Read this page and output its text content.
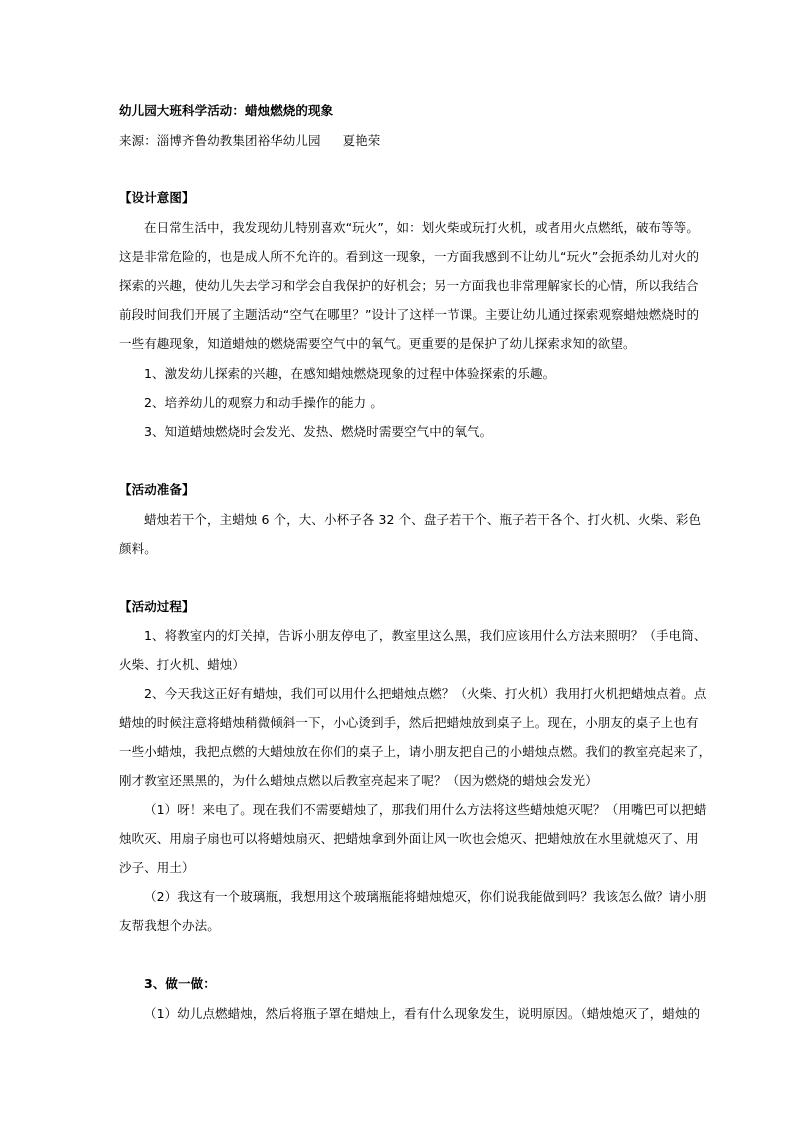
幼儿园大班科学活动：蜡烛燃烧的现象
来源：淄博齐鲁幼教集团裕华幼儿园 夏艳荣
【设计意图】
在日常生活中，我发现幼儿特别喜欢“玩火”，如：划火柴或玩打火机，或者用火点燃纸，破布等等。
这是非常危险的，也是成人所不允许的。看到这一现象，一方面我感到不让幼儿“玩火”会扼杀幼儿对火的
探索的兴趣，使幼儿失去学习和学会自我保护的好机会；另一方面我也非常理解家长的心情，所以我结合
前段时间我们开展了主题活动“空气在哪里？”设计了这样一节课。主要让幼儿通过探索观察蜡烛燃烧时的
一些有趣现象，知道蜡烛的燃烧需要空气中的氧气。更重要的是保护了幼儿探索求知的欲望。
1、激发幼儿探索的兴趣，在感知蜡烛燃烧现象的过程中体验探索的乐趣。
2、培养幼儿的观察力和动手操作的能力 。
3、知道蜡烛燃烧时会发光、发热、燃烧时需要空气中的氧气。
【活动准备】
蜡烛若干个，主蜡烛 6 个，大、小杯子各 32 个、盘子若干个、瓶子若干各个、打火机、火柴、彩色
颜料。
【活动过程】
1、将教室内的灯关掉，告诉小朋友停电了，教室里这么黑，我们应该用什么方法来照明？（手电筒、
火柴、打火机、蜡烛）
2、今天我这正好有蜡烛，我们可以用什么把蜡烛点燃？（火柴、打火机）我用打火机把蜡烛点着。点
蜡烛的时候注意将蜡烛稍微倾斜一下，小心烫到手，然后把蜡烛放到桌子上。现在，小朋友的桌子上也有
一些小蜡烛，我把点燃的大蜡烛放在你们的桌子上，请小朋友把自己的小蜡烛点燃。我们的教室亮起来了，
刚才教室还黑黑的，为什么蜡烛点燃以后教室亮起来了呢？（因为燃烧的蜡烛会发光）
（1）呀！来电了。现在我们不需要蜡烛了，那我们用什么方法将这些蜡烛熄灭呢？（用嘴巴可以把蜡
烛吹灭、用扇子扇也可以将蜡烛扇灭、把蜡烛拿到外面让风一吹也会熄灭、把蜡烛放在水里就熄灭了、用
沙子、用土）
（2）我这有一个玻璃瓶，我想用这个玻璃瓶能将蜡烛熄灭，你们说我能做到吗？我该怎么做？请小朋
友帮我想个办法。
3、做一做：
（1）幼儿点燃蜡烛，然后将瓶子罩在蜡烛上，看有什么现象发生，说明原因。（蜡烛熄灭了，蜡烛的
